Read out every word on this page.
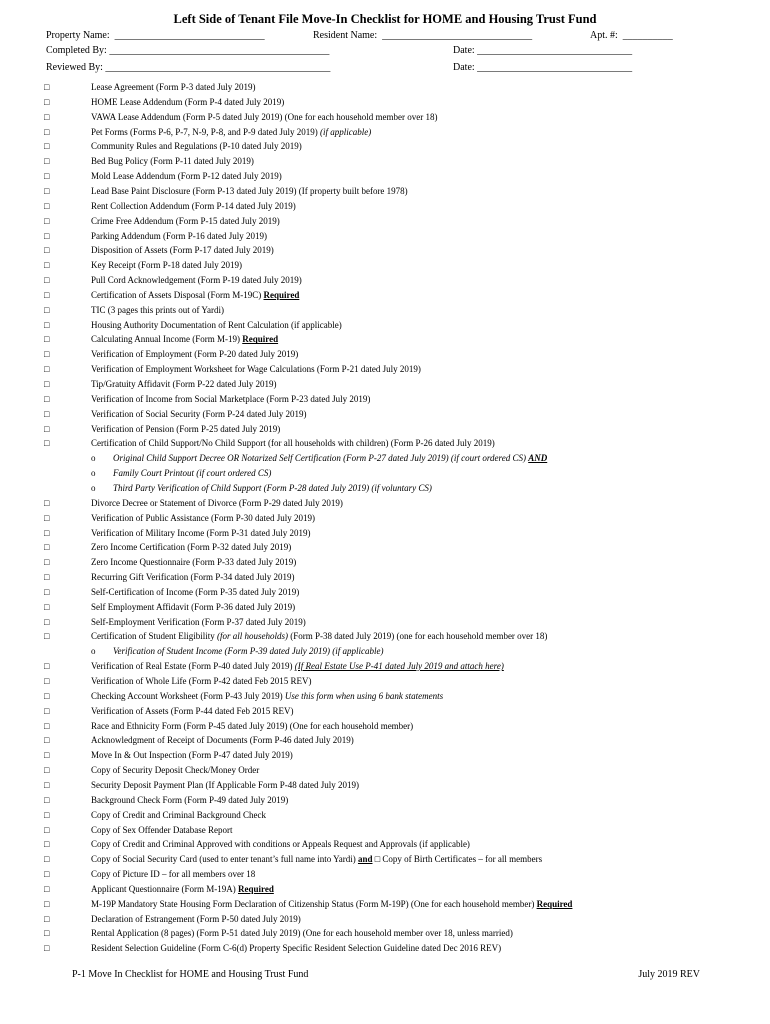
Left Side of Tenant File Move-In Checklist for HOME and Housing Trust Fund
Property Name:  ______________________________	Resident Name:  ______________________________	Apt. #:  __________
Completed By: ____________________________________________	Date: _______________________________
Reviewed By: _____________________________________________	Date: _______________________________
□	Lease Agreement (Form P-3 dated July 2019)
□	HOME Lease Addendum (Form P-4 dated July 2019)
□	VAWA Lease Addendum (Form P-5 dated July 2019) (One for each household member over 18)
□	Pet Forms (Forms P-6, P-7, N-9, P-8, and P-9 dated July 2019) (if applicable)
□	Community Rules and Regulations (P-10 dated July 2019)
□	Bed Bug Policy (Form P-11 dated July 2019)
□	Mold Lease Addendum (Form P-12 dated July 2019)
□	Lead Base Paint Disclosure (Form P-13 dated July 2019) (If property built before 1978)
□	Rent Collection Addendum (Form P-14 dated July 2019)
□	Crime Free Addendum (Form P-15 dated July 2019)
□	Parking Addendum (Form P-16 dated July 2019)
□	Disposition of Assets (Form P-17 dated July 2019)
□	Key Receipt (Form P-18 dated July 2019)
□	Pull Cord Acknowledgement (Form P-19 dated July 2019)
□	Certification of Assets Disposal (Form M-19C) Required
□	TIC (3 pages this prints out of Yardi)
□	Housing Authority Documentation of Rent Calculation (if applicable)
□	Calculating Annual Income (Form M-19) Required
□	Verification of Employment (Form P-20 dated July 2019)
□	Verification of Employment Worksheet for Wage Calculations (Form P-21 dated July 2019)
□	Tip/Gratuity Affidavit (Form P-22 dated July 2019)
□	Verification of Income from Social Marketplace (Form P-23 dated July 2019)
□	Verification of Social Security (Form P-24 dated July 2019)
□	Verification of Pension (Form P-25 dated July 2019)
□	Certification of Child Support/No Child Support (for all households with children) (Form P-26 dated July 2019)
o Original Child Support Decree OR Notarized Self Certification (Form P-27 dated July 2019) (if court ordered CS) AND
o Family Court Printout (if court ordered CS)
o Third Party Verification of Child Support (Form P-28 dated July 2019) (if voluntary CS)
□	Divorce Decree or Statement of Divorce (Form P-29 dated July 2019)
□	Verification of Public Assistance (Form P-30 dated July 2019)
□	Verification of Military Income (Form P-31 dated July 2019)
□	Zero Income Certification (Form P-32 dated July 2019)
□	Zero Income Questionnaire (Form P-33 dated July 2019)
□	Recurring Gift Verification (Form P-34 dated July 2019)
□	Self-Certification of Income (Form P-35 dated July 2019)
□	Self Employment Affidavit (Form P-36 dated July 2019)
□	Self-Employment Verification (Form P-37 dated July 2019)
□	Certification of Student Eligibility (for all households) (Form P-38 dated July 2019) (one for each household member over 18)
o Verification of Student Income (Form P-39 dated July 2019) (if applicable)
□	Verification of Real Estate (Form P-40 dated July 2019) (If Real Estate Use P-41 dated July 2019 and attach here)
□	Verification of Whole Life (Form P-42 dated Feb 2015 REV)
□	Checking Account Worksheet (Form P-43 July 2019) Use this form when using 6 bank statements
□	Verification of Assets (Form P-44 dated Feb 2015 REV)
□	Race and Ethnicity Form (Form P-45 dated July 2019) (One for each household member)
□	Acknowledgment of Receipt of Documents (Form P-46 dated July 2019)
□	Move In & Out Inspection (Form P-47 dated July 2019)
□	Copy of Security Deposit Check/Money Order
□	Security Deposit Payment Plan (If Applicable Form P-48 dated July 2019)
□	Background Check Form (Form P-49 dated July 2019)
□	Copy of Credit and Criminal Background Check
□	Copy of Sex Offender Database Report
□	Copy of Credit and Criminal Approved with conditions or Appeals Request and Approvals (if applicable)
□	Copy of Social Security Card (used to enter tenant’s full name into Yardi) and □ Copy of Birth Certificates – for all members
□	Copy of Picture ID – for all members over 18
□	Applicant Questionnaire (Form M-19A) Required
□	M-19P Mandatory State Housing Form Declaration of Citizenship Status (Form M-19P) (One for each household member) Required
□	Declaration of Estrangement (Form P-50 dated July 2019)
□	Rental Application (8 pages) (Form P-51 dated July 2019) (One for each household member over 18, unless married)
□	Resident Selection Guideline (Form C-6(d) Property Specific Resident Selection Guideline dated Dec 2016 REV)
P-1 Move In Checklist for HOME and Housing Trust Fund	July 2019 REV
